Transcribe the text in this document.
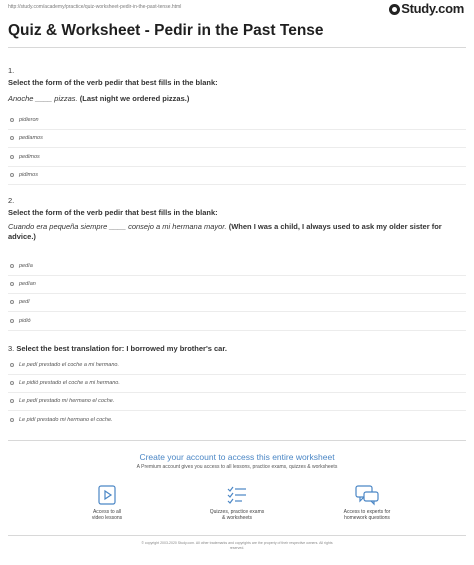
http://study.com/academy/practice/quiz-worksheet-pedir-in-the-past-tense.html	Study.com
Quiz & Worksheet - Pedir in the Past Tense
1.
Select the form of the verb pedir that best fills in the blank:
Anoche ____ pizzas. (Last night we ordered pizzas.)
pidieron
pediamos
pedimos
pidimos
2.
Select the form of the verb pedir that best fills in the blank:
Cuando era pequeña siempre ____ consejo a mi hermana mayor. (When I was a child, I always used to ask my older sister for advice.)
pedía
pedían
pedí
pidió
3. Select the best translation for: I borrowed my brother's car.
Le pedí prestado el coche a mi hermano.
Le pidió prestado el coche a mi hermano.
Le pedí prestado mi hermano el coche.
Le pidí prestado mi hermano el coche.
Create your account to access this entire worksheet
A Premium account gives you access to all lessons, practice exams, quizzes & worksheets
Access to all
video lessons
Quizzes, practice exams
& worksheets
Access to experts for
homework questions
© copyright 2003-2020 Study.com. All other trademarks and copyrights are the property of their respective owners. All rights
reserved.
